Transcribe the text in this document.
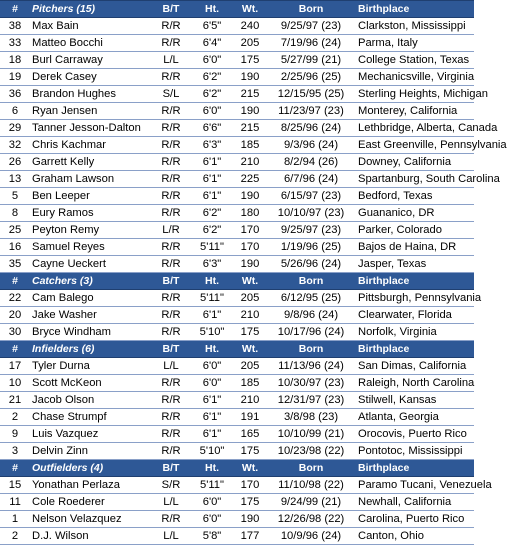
#	Pitchers (15)	B/T	Ht.	Wt.	Born	Birthplace
38	Max Bain	R/R	6'5"	240	9/25/97 (23)	Clarkston, Mississippi
33	Matteo Bocchi	R/R	6'4"	205	7/19/96 (24)	Parma, Italy
18	Burl Carraway	L/L	6'0"	175	5/27/99 (21)	College Station, Texas
19	Derek Casey	R/R	6'2"	190	2/25/96 (25)	Mechanicsville, Virginia
36	Brandon Hughes	S/L	6'2"	215	12/15/95 (25)	Sterling Heights, Michigan
6	Ryan Jensen	R/R	6'0"	190	11/23/97 (23)	Monterey, California
29	Tanner Jesson-Dalton	R/R	6'6"	215	8/25/96 (24)	Lethbridge, Alberta, Canada
32	Chris Kachmar	R/R	6'3"	185	9/3/96 (24)	East Greenville, Pennsylvania
26	Garrett Kelly	R/R	6'1"	210	8/2/94 (26)	Downey, California
13	Graham Lawson	R/R	6'1"	225	6/7/96 (24)	Spartanburg, South Carolina
5	Ben Leeper	R/R	6'1"	190	6/15/97 (23)	Bedford, Texas
8	Eury Ramos	R/R	6'2"	180	10/10/97 (23)	Guananico, DR
25	Peyton Remy	L/R	6'2"	170	9/25/97 (23)	Parker, Colorado
16	Samuel Reyes	R/R	5'11"	170	1/19/96 (25)	Bajos de Haina, DR
35	Cayne Ueckert	R/R	6'3"	190	5/26/96 (24)	Jasper, Texas
#	Catchers (3)	B/T	Ht.	Wt.	Born	Birthplace
22	Cam Balego	R/R	5'11"	205	6/12/95 (25)	Pittsburgh, Pennsylvania
20	Jake Washer	R/R	6'1"	210	9/8/96 (24)	Clearwater, Florida
30	Bryce Windham	R/R	5'10"	175	10/17/96 (24)	Norfolk, Virginia
#	Infielders (6)	B/T	Ht.	Wt.	Born	Birthplace
17	Tyler Durna	L/L	6'0"	205	11/13/96 (24)	San Dimas, California
10	Scott McKeon	R/R	6'0"	185	10/30/97 (23)	Raleigh, North Carolina
21	Jacob Olson	R/R	6'1"	210	12/31/97 (23)	Stilwell, Kansas
2	Chase Strumpf	R/R	6'1"	191	3/8/98 (23)	Atlanta, Georgia
9	Luis Vazquez	R/R	6'1"	165	10/10/99 (21)	Orocovis, Puerto Rico
3	Delvin Zinn	R/R	5'10"	175	10/23/98 (22)	Pontotoc, Mississippi
#	Outfielders (4)	B/T	Ht.	Wt.	Born	Birthplace
15	Yonathan Perlaza	S/R	5'11"	170	11/10/98 (22)	Paramo Tucani, Venezuela
11	Cole Roederer	L/L	6'0"	175	9/24/99 (21)	Newhall, California
1	Nelson Velazquez	R/R	6'0"	190	12/26/98 (22)	Carolina, Puerto Rico
2	D.J. Wilson	L/L	5'8"	177	10/9/96 (24)	Canton, Ohio
